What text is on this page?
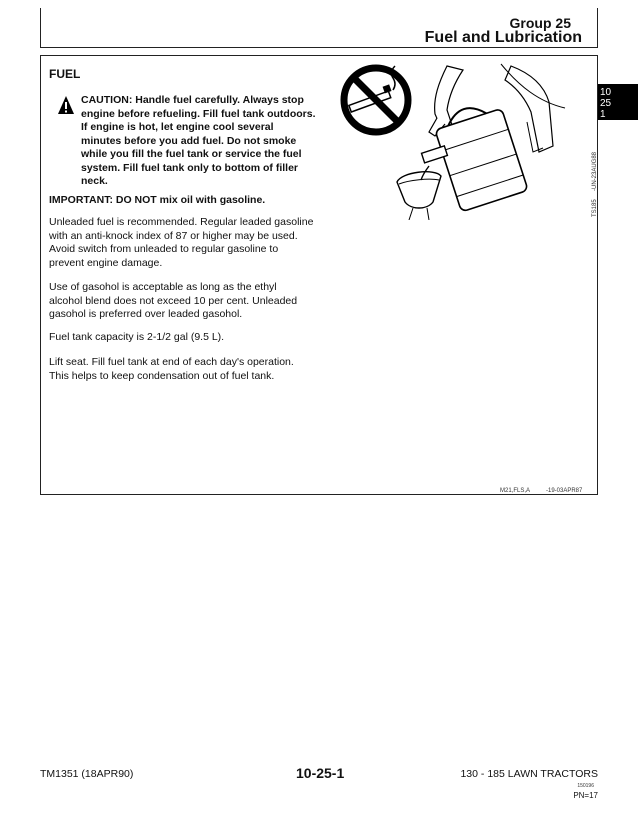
Group 25
Fuel and Lubrication
10
25
1
FUEL
CAUTION: Handle fuel carefully. Always stop
engine before refueling. Fill fuel tank outdoors.
If engine is hot, let engine cool several
minutes before you add fuel. Do not smoke
while you fill the fuel tank or service the fuel
system. Fill fuel tank only to bottom of filler
neck.
IMPORTANT: DO NOT mix oil with gasoline.
Unleaded fuel is recommended. Regular leaded gasoline
with an anti-knock index of 87 or higher may be used.
Avoid switch from unleaded to regular gasoline to
prevent engine damage.
Use of gasohol is acceptable as long as the ethyl
alcohol blend does not exceed 10 per cent. Unleaded
gasohol is preferred over leaded gasohol.
Fuel tank capacity is 2-1/2 gal (9.5 L).
Lift seat. Fill fuel tank at end of each day's operation.
This helps to keep condensation out of fuel tank.
-UN-23AUG88
TS185
M21,FLS,A	-19-03APR87
TM1351 (18APR90)	10-25-1	130 - 185 LAWN TRACTORS
150196
PN=17
